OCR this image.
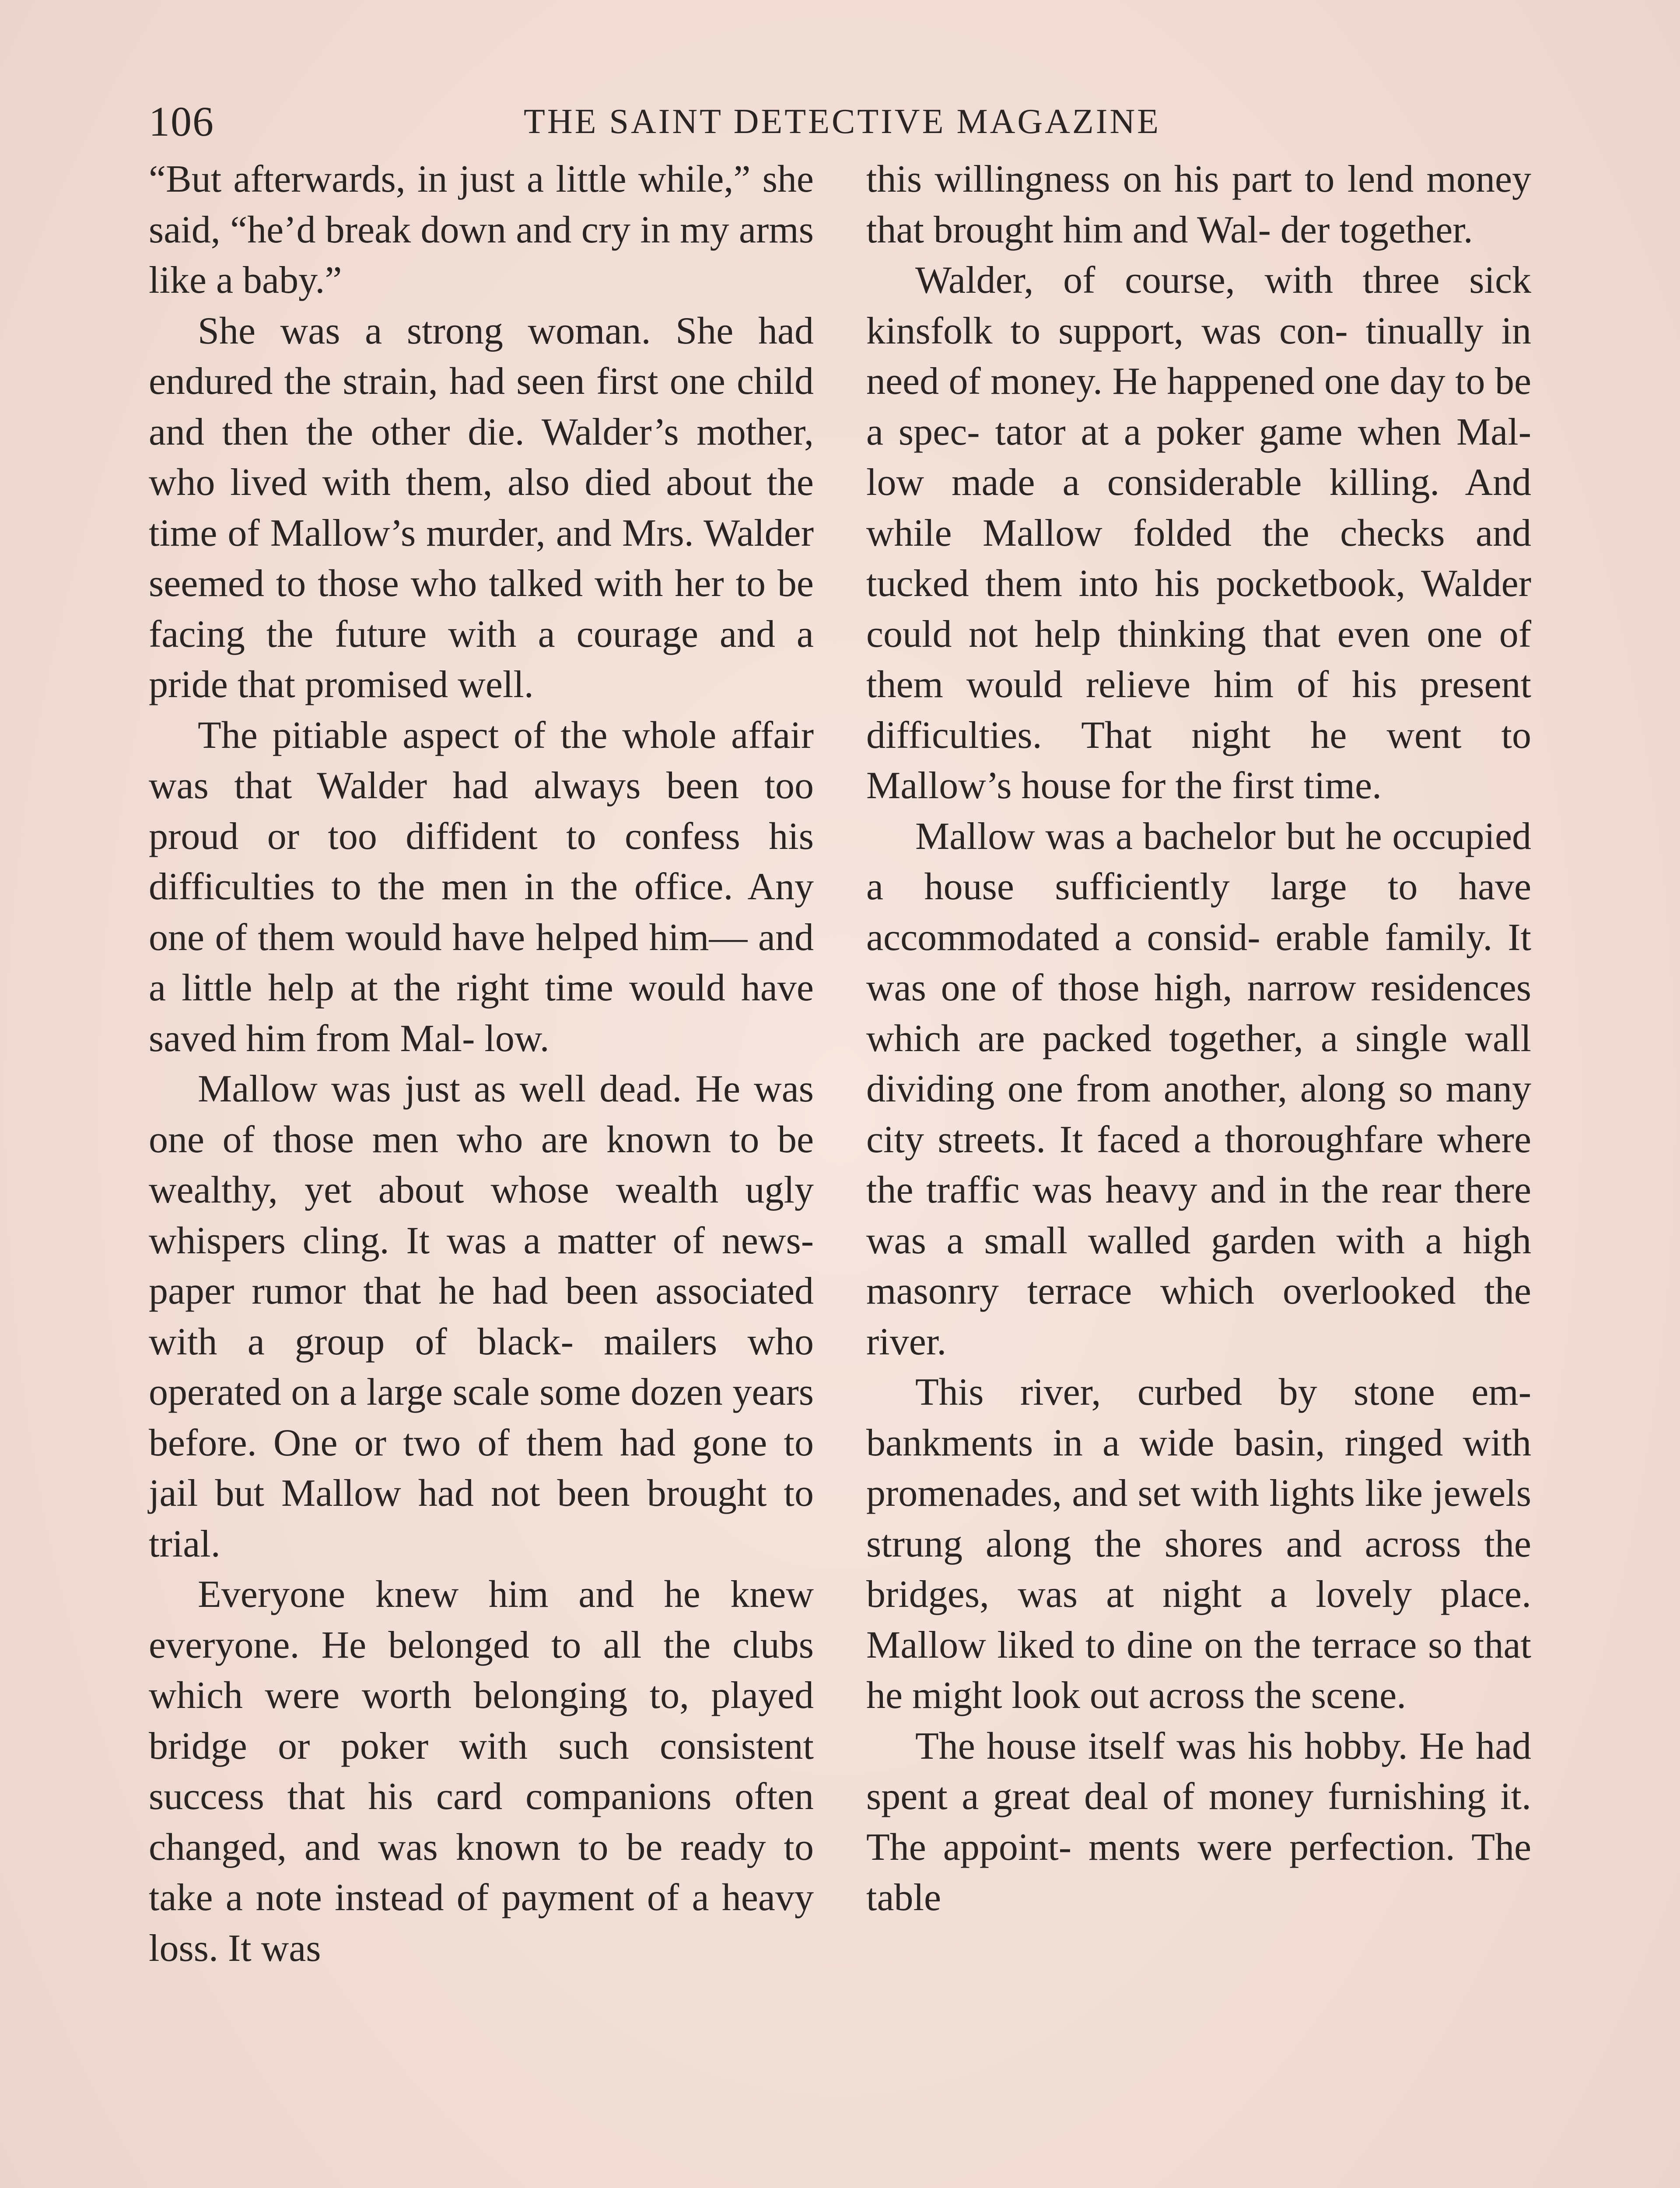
106	THE SAINT DETECTIVE MAGAZINE

“But afterwards, in just a little while,” she said, “he’d break down and cry in my arms like a baby.”

She was a strong woman. She had endured the strain, had seen first one child and then the other die. Walder’s mother, who lived with them, also died about the time of Mallow’s murder, and Mrs. Walder seemed to those who talked with her to be facing the future with a courage and a pride that promised well.

The pitiable aspect of the whole affair was that Walder had always been too proud or too diffident to confess his difficulties to the men in the office. Any one of them would have helped him— and a little help at the right time would have saved him from Mal- low.

Mallow was just as well dead. He was one of those men who are known to be wealthy, yet about whose wealth ugly whispers cling. It was a matter of news- paper rumor that he had been associated with a group of black- mailers who operated on a large scale some dozen years before. One or two of them had gone to jail but Mallow had not been brought to trial.

Everyone knew him and he knew everyone. He belonged to all the clubs which were worth belonging to, played bridge or poker with such consistent success that his card companions often changed, and was known to be ready to take a note instead of payment of a heavy loss. It was

this willingness on his part to lend money that brought him and Wal- der together.

Walder, of course, with three sick kinsfolk to support, was con- tinually in need of money. He happened one day to be a spec- tator at a poker game when Mal- low made a considerable killing. And while Mallow folded the checks and tucked them into his pocketbook, Walder could not help thinking that even one of them would relieve him of his present difficulties. That night he went to Mallow’s house for the first time.

Mallow was a bachelor but he occupied a house sufficiently large to have accommodated a consid- erable family. It was one of those high, narrow residences which are packed together, a single wall dividing one from another, along so many city streets. It faced a thoroughfare where the traffic was heavy and in the rear there was a small walled garden with a high masonry terrace which overlooked the river.

This river, curbed by stone em- bankments in a wide basin, ringed with promenades, and set with lights like jewels strung along the shores and across the bridges, was at night a lovely place. Mallow liked to dine on the terrace so that he might look out across the scene.

The house itself was his hobby. He had spent a great deal of money furnishing it. The appoint- ments were perfection. The table
